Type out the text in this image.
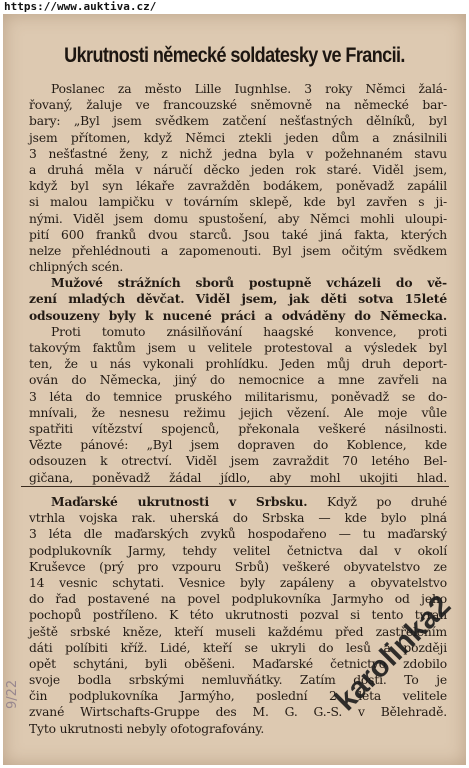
https://www.auktiva.cz/
Ukrutnosti německé soldatesky ve Francii.
Poslanec za město Lille Iugnhlse. 3 roky Němci žalá-
řovaný, žaluje ve francouzské sněmovně na německé bar-
bary: „Byl jsem svědkem zatčení nešťastných dělníků, byl
jsem přítomen, když Němci ztekli jeden dům a znásilnili
3 nešťastné ženy, z nichž jedna byla v požehnaném stavu
a druhá měla v náručí děcko jeden rok staré. Viděl jsem,
když byl syn lékaře zavražděn bodákem, poněvadž zapálil
si malou lampičku v továrním sklepě, kde byl zavřen s ji-
nými. Viděl jsem domu spustošení, aby Němci mohli uloupi-
pití 600 franků dvou starců. Jsou také jiná fakta, kterých
nelze přehlédnouti a zapomenouti. Byl jsem očitým svědkem
chlipných scén.
Mužové strážních sborů postupně vcházeli do vě-
zení mladých děvčat. Viděl jsem, jak děti sotva 15leté
odsouzeny byly k nucené práci a odváděny do Německa.
Proti tomuto znásilňování haagské konvence, proti
takovým faktům jsem u velitele protestoval a výsledek byl
ten, že u nás vykonali prohlídku. Jeden můj druh deport-
ován do Německa, jiný do nemocnice a mne zavřeli na
3 léta do temnice pruského militarismu, poněvadž se do-
mnívali, že nesnesu režimu jejich vězení. Ale moje vůle
spatřiti vítězství spojenců, překonala veškeré násilnosti.
Vězte pánové: „Byl jsem dopraven do Koblence, kde
odsouzen k otrectví. Viděl jsem zavraždit 70 letého Bel-
gičana, poněvadž žádal jídlo, aby mohl ukojiti hlad.
Maďarské ukrutnosti v Srbsku. Když po druhé
vtrhla vojska rak. uherská do Srbska — kde bylo plná
3 léta dle maďarských zvyků hospodařeno — tu maďarský
podplukovník Jarmy, tehdy velitel četnictva dal v okolí
Kruševce (prý pro vzpouru Srbů) veškeré obyvatelstvo ze
14 vesnic schytati. Vesnice byly zapáleny a obyvatelstvo
do řad postavené na povel podplukovníka Jarmyho od jeho
pochopů postříleno. K této ukrutnosti pozval si tento tyran
ještě srbské kněze, kteří museli každému před zastřelením
dáti políbiti kříž. Lidé, kteří se ukryli do lesů a později
opět schytáni, byli oběšeni. Maďarské četnictvo zdobilo
svoje bodla srbskými nemluvňátky. Zatím dosti. To je
čin podplukovníka Jarmýho, poslední 2 léta velitele
zvané Wirtschafts-Gruppe des M. G. G.-S. v Bělehradě.
Tyto ukrutnosti nebyly ofotografovány.
9/22	karolinka2
